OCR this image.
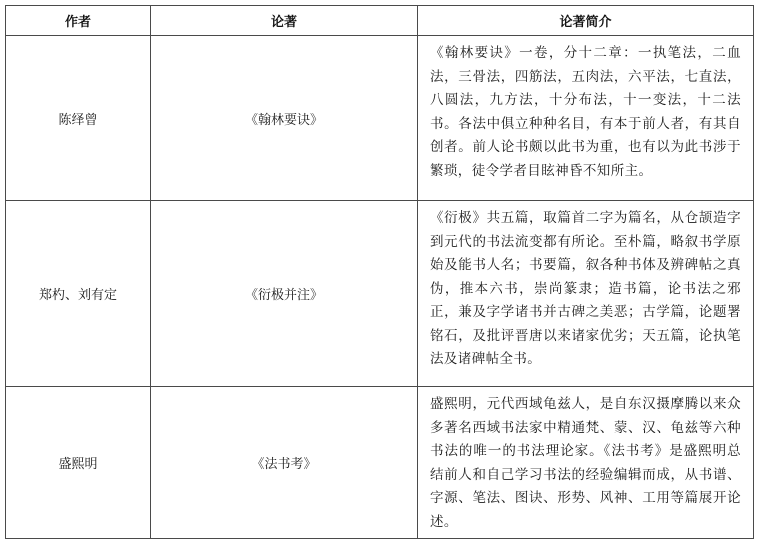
作者	论著	论著简介
陈绎曾	《翰林要诀》	《翰林要诀》一卷，分十二章：一执笔法，二血法，三骨法，四筋法，五肉法，六平法，七直法，八圆法，九方法，十分布法，十一变法，十二法书。各法中俱立种种名目，有本于前人者，有其自创者。前人论书颇以此书为重，也有以为此书涉于繁琐，徒令学者目眩神昏不知所主。
郑杓、刘有定	《衍极并注》	《衍极》共五篇，取篇首二字为篇名，从仓颉造字到元代的书法流变都有所论。至朴篇，略叙书学原始及能书人名；书要篇，叙各种书体及辨碑帖之真伪，推本六书，崇尚篆隶；造书篇，论书法之邪正，兼及字学诸书并古碑之美恶；古学篇，论题署铭石，及批评晋唐以来诸家优劣；天五篇，论执笔法及诸碑帖全书。
盛熙明	《法书考》	盛熙明，元代西域龟兹人，是自东汉摄摩腾以来众多著名西域书法家中精通梵、蒙、汉、龟兹等六种书法的唯一的书法理论家。《法书考》是盛熙明总结前人和自己学习书法的经验编辑而成，从书谱、字源、笔法、图诀、形势、风神、工用等篇展开论述。
